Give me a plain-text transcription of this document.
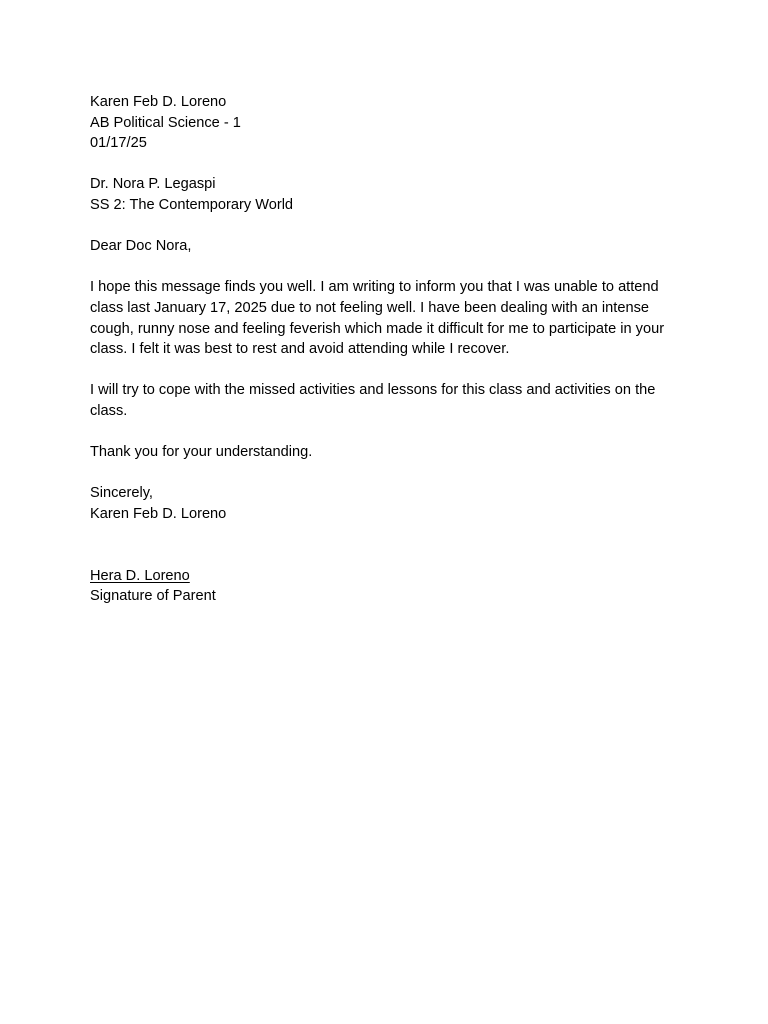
Karen Feb D. Loreno
AB Political Science - 1
01/17/25
Dr. Nora P. Legaspi
SS 2: The Contemporary World
Dear Doc Nora,

I hope this message finds you well. I am writing to inform you that I was unable to attend class last January 17, 2025 due to not feeling well. I have been dealing with an intense cough, runny nose and feeling feverish which made it difficult for me to participate in your class. I felt it was best to rest and avoid attending while I recover.

I will try to cope with the missed activities and lessons for this class and activities on the class.

Thank you for your understanding.

Sincerely,
Karen Feb D. Loreno
Hera D. Loreno
Signature of Parent
